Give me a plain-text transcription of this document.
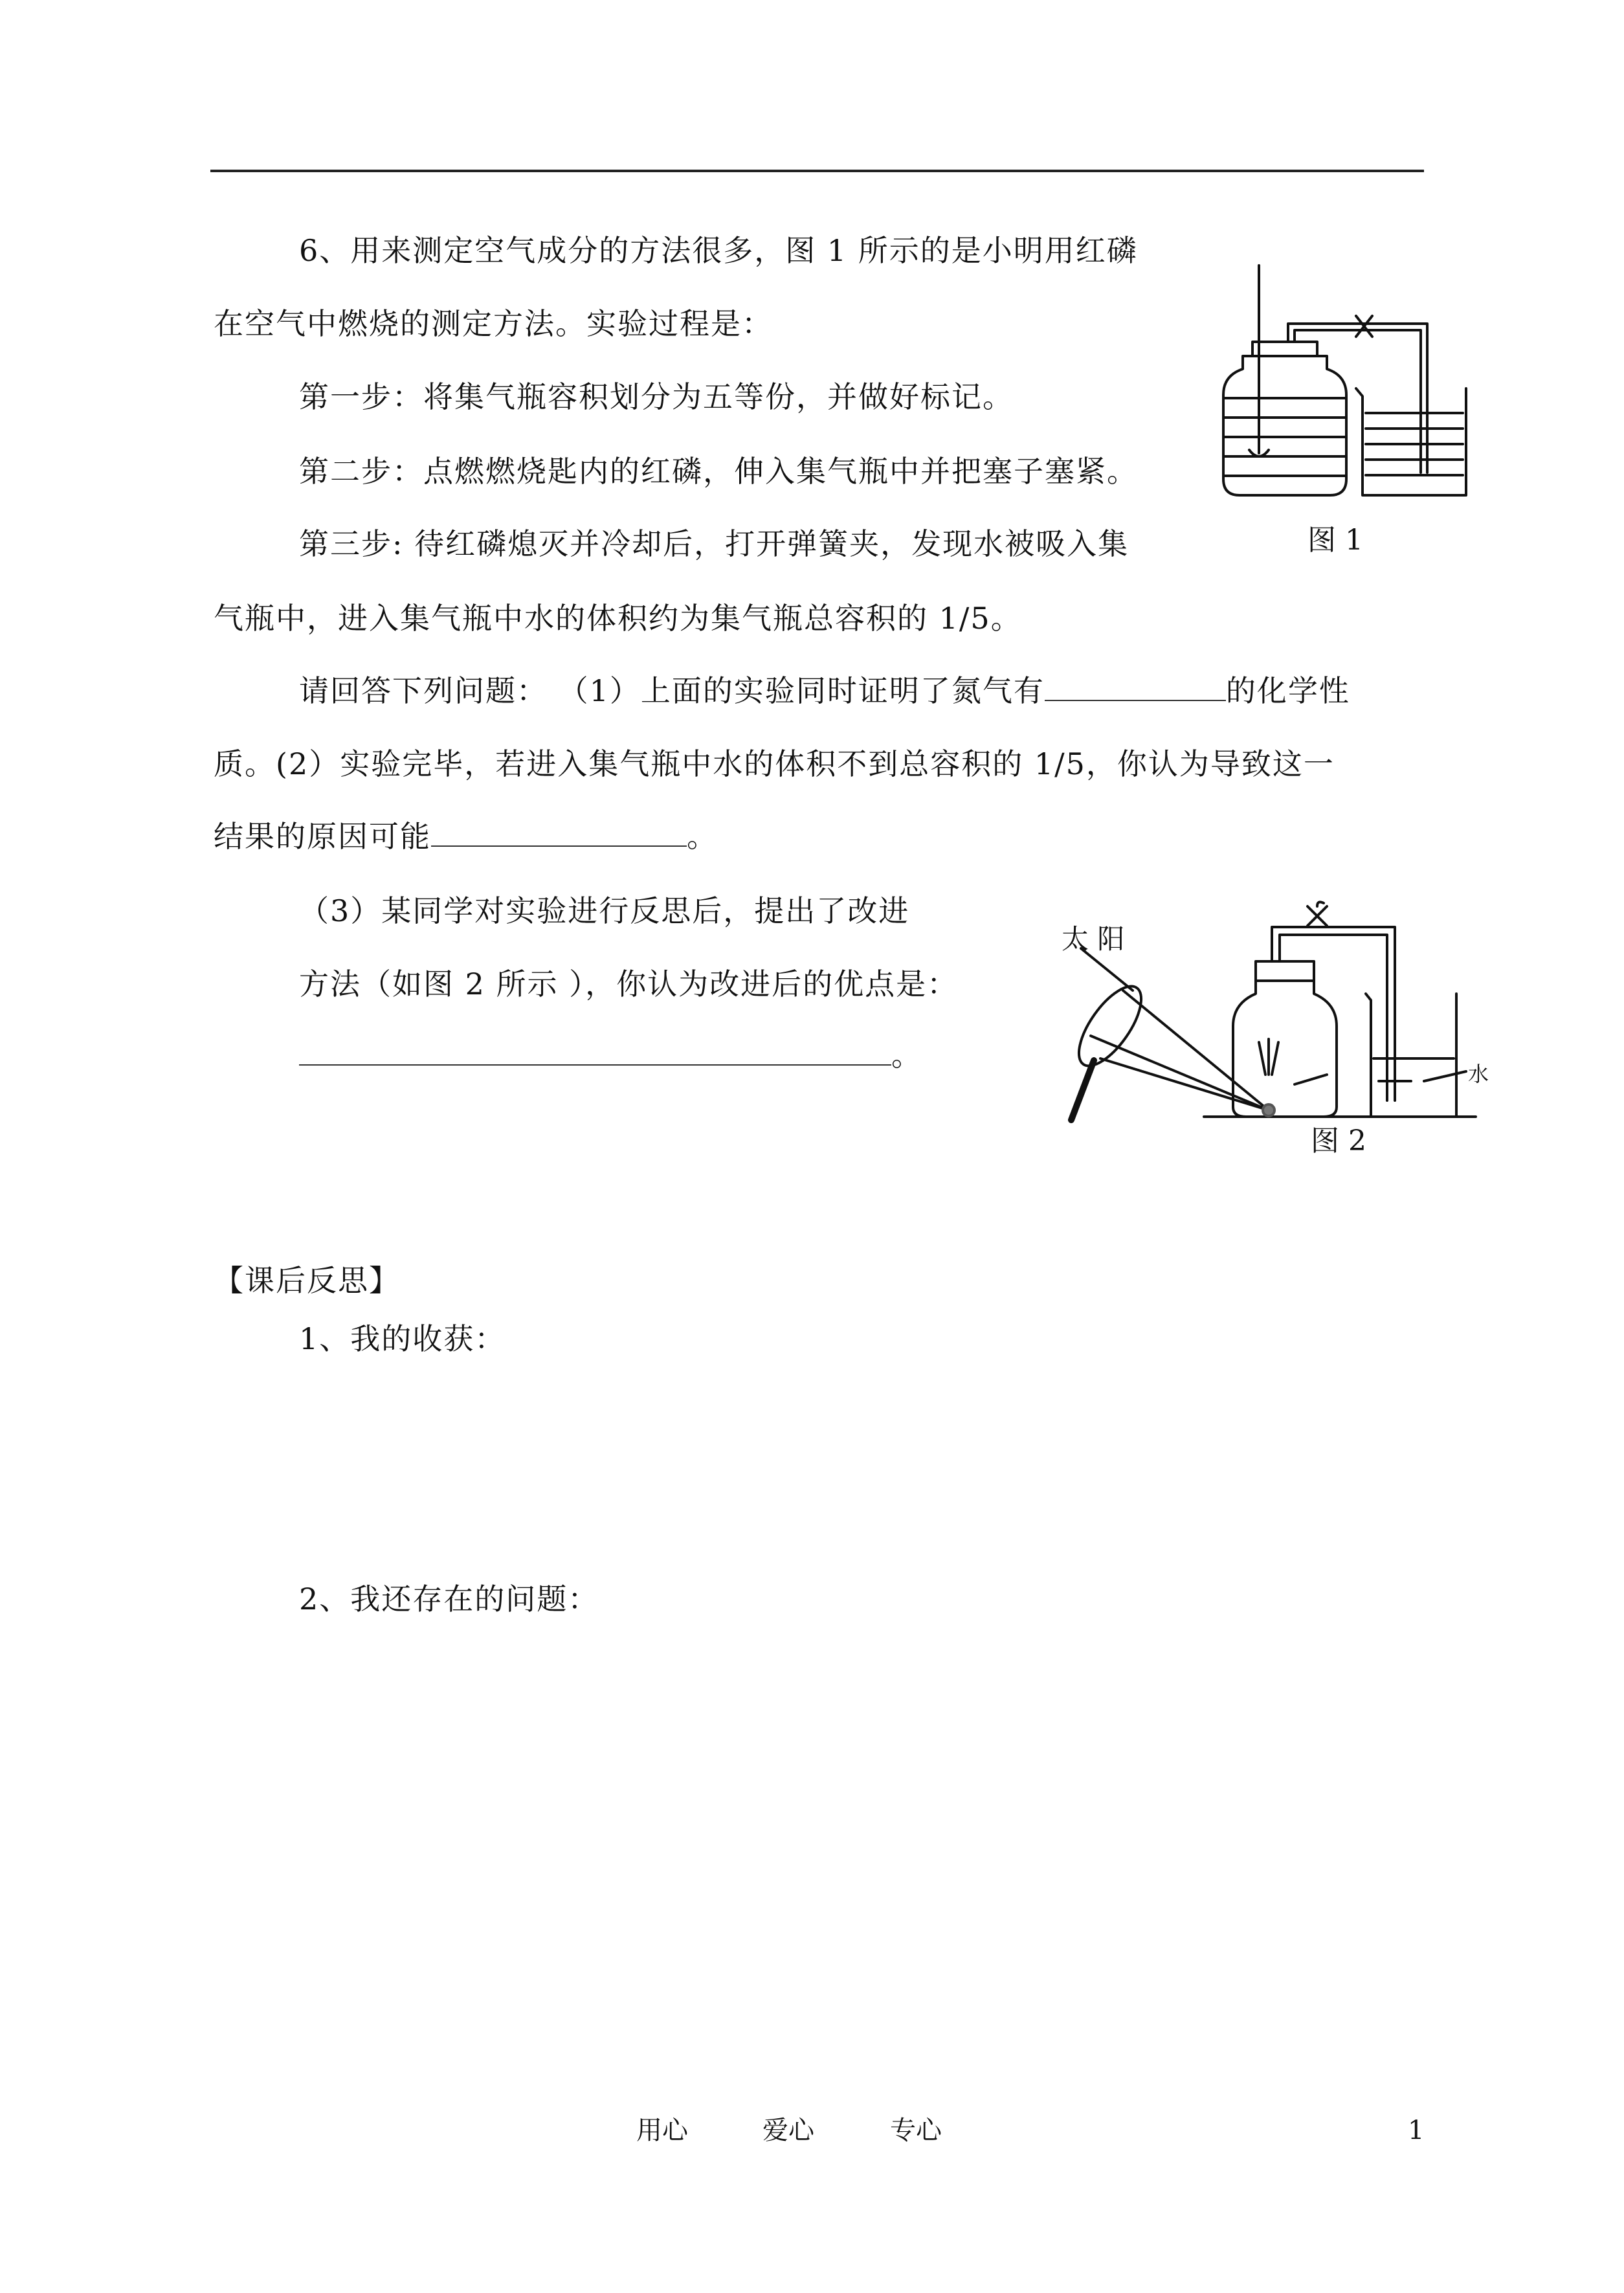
6、用来测定空气成分的方法很多，图 1 所示的是小明用红磷
在空气中燃烧的测定方法。实验过程是：
第一步：将集气瓶容积划分为五等份，并做好标记。
第二步：点燃燃烧匙内的红磷，伸入集气瓶中并把塞子塞紧。
第三步: 待红磷熄灭并冷却后，打开弹簧夹，发现水被吸入集
气瓶中，进入集气瓶中水的体积约为集气瓶总容积的 1/5。
请回答下列问题： （1）上面的实验同时证明了氮气有	的化学性
质。(2）实验完毕，若进入集气瓶中水的体积不到总容积的 1/5，你认为导致这一
结果的原因可能	。
（3）某同学对实验进行反思后，提出了改进
方法（如图 2 所示 ），你认为改进后的优点是：
。
图 1
太 阳
水
图 2
【课后反思】
1、我的收获：
2、我还存在的问题：
用心	爱心	专心	1
